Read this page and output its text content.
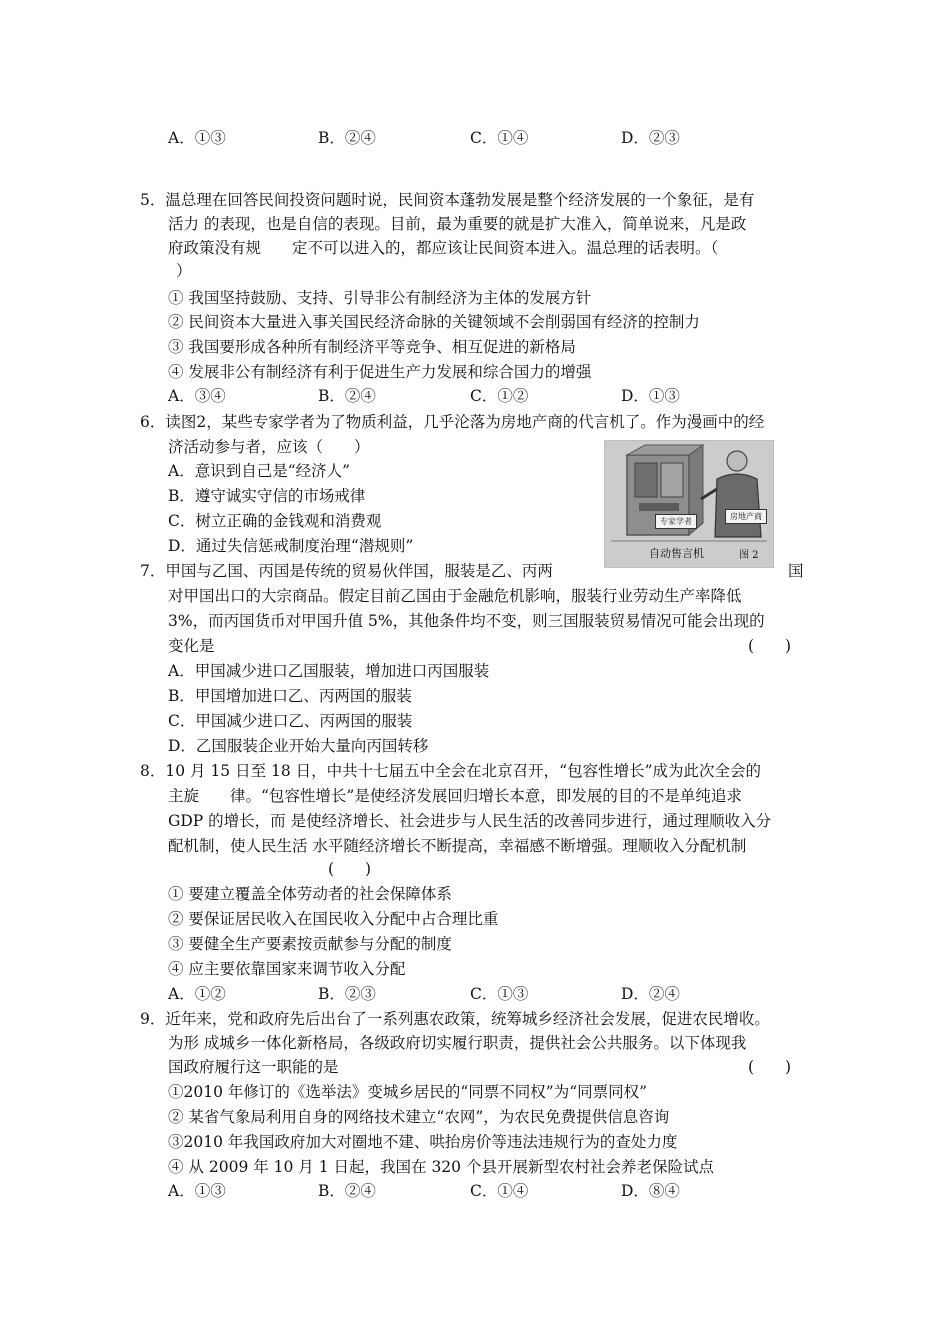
A．①③	B．②④	C．①④	D．②③
5．温总理在回答民间投资问题时说，民间资本蓬勃发展是整个经济发展的一个象征，是有
活力 的表现，也是自信的表现。目前，最为重要的就是扩大准入，简单说来，凡是政
府政策没有规　　定不可以进入的，都应该让民间资本进入。温总理的话表明。（
）
① 我国坚持鼓励、支持、引导非公有制经济为主体的发展方针
② 民间资本大量进入事关国民经济命脉的关键领域不会削弱国有经济的控制力
③ 我国要形成各种所有制经济平等竞争、相互促进的新格局
④ 发展非公有制经济有利于促进生产力发展和综合国力的增强
A．③④	B．②④	C．①②	D．①③
6．读图2，某些专家学者为了物质利益，几乎沦落为房地产商的代言机了。作为漫画中的经
济活动参与者，应该（　　）
A．意识到自己是“经济人”
B．遵守诚实守信的市场戒律
C．树立正确的金钱观和消费观
D．通过失信惩戒制度治理“潜规则”
专家学者
房地产商
自动售言机	图 2
7．甲国与乙国、丙国是传统的贸易伙伴国，服装是乙、丙两	国
对甲国出口的大宗商品。假定目前乙国由于金融危机影响，服装行业劳动生产率降低
3%，而丙国货币对甲国升值 5%，其他条件均不变，则三国服装贸易情况可能会出现的
变化是	(　　)
A．甲国减少进口乙国服装，增加进口丙国服装
B．甲国增加进口乙、丙两国的服装
C．甲国减少进口乙、丙两国的服装
D．乙国服装企业开始大量向丙国转移
8．10 月 15 日至 18 日，中共十七届五中全会在北京召开，“包容性增长”成为此次全会的
主旋　　律。“包容性增长”是使经济发展回归增长本意，即发展的目的不是单纯追求
GDP 的增长，而 是使经济增长、社会进步与人民生活的改善同步进行，通过理顺收入分
配机制，使人民生活 水平随经济增长不断提高，幸福感不断增强。理顺收入分配机制
(　　)
① 要建立覆盖全体劳动者的社会保障体系
② 要保证居民收入在国民收入分配中占合理比重
③ 要健全生产要素按贡献参与分配的制度
④ 应主要依靠国家来调节收入分配
A．①②	B．②③	C．①③	D．②④
9．近年来，党和政府先后出台了一系列惠农政策，统筹城乡经济社会发展，促进农民增收。
为形 成城乡一体化新格局，各级政府切实履行职责，提供社会公共服务。以下体现我
国政府履行这一职能的是	(　　)
①2010 年修订的《选举法》变城乡居民的“同票不同权”为“同票同权”
② 某省气象局利用自身的网络技术建立“农网”，为农民免费提供信息咨询
③2010 年我国政府加大对圈地不建、哄抬房价等违法违规行为的查处力度
④ 从 2009 年 10 月 1 日起，我国在 320 个县开展新型农村社会养老保险试点
A．①③	B．②④	C．①④	D．⑧④
